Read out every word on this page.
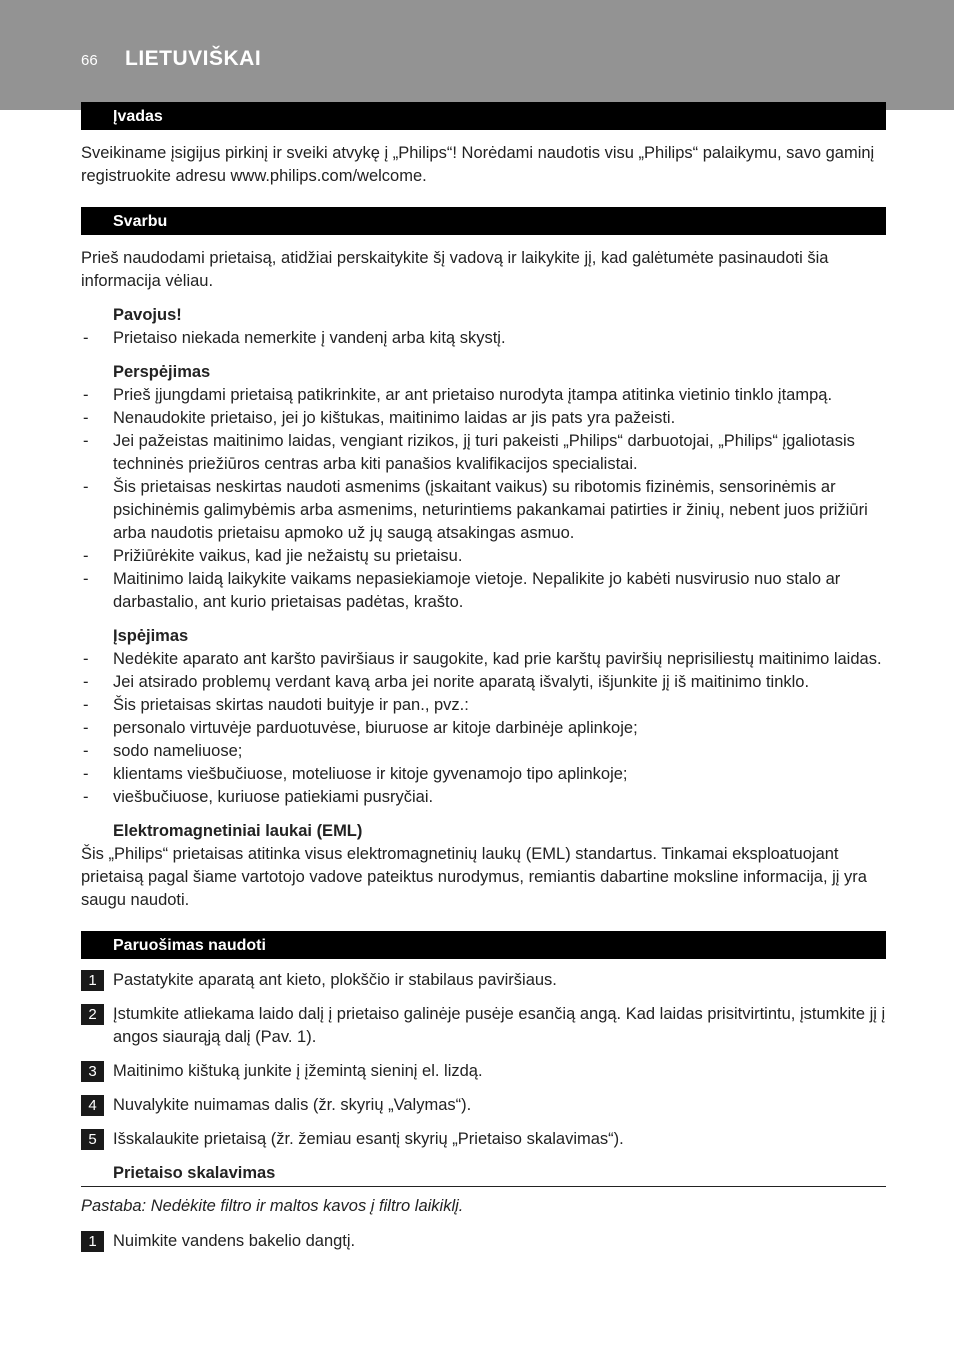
66 LIETUVIŠKAI
Įvadas

Sveikiname įsigijus pirkinį ir sveiki atvykę į „Philips“! Norėdami naudotis visu „Philips“ palaikymu, savo gaminį registruokite adresu www.philips.com/welcome.

Svarbu

Prieš naudodami prietaisą, atidžiai perskaitykite šį vadovą ir laikykite jį, kad galėtumėte pasinaudoti šia informacija vėliau.

Pavojus!

- Prietaiso niekada nemerkite į vandenį arba kitą skystį.

Perspėjimas

- Prieš įjungdami prietaisą patikrinkite, ar ant prietaiso nurodyta įtampa atitinka vietinio tinklo įtampą.
- Nenaudokite prietaiso, jei jo kištukas, maitinimo laidas ar jis pats yra pažeisti.
- Jei pažeistas maitinimo laidas, vengiant rizikos, jį turi pakeisti „Philips“ darbuotojai, „Philips“ įgaliotasis techninės priežiūros centras arba kiti panašios kvalifikacijos specialistai.
- Šis prietaisas neskirtas naudoti asmenims (įskaitant vaikus) su ribotomis fizinėmis, sensorinėmis ar psichinėmis galimybėmis arba asmenims, neturintiems pakankamai patirties ir žinių, nebent juos prižiūri arba naudotis prietaisu apmoko už jų saugą atsakingas asmuo.
- Prižiūrėkite vaikus, kad jie nežaistų su prietaisu.
- Maitinimo laidą laikykite vaikams nepasiekiamoje vietoje. Nepalikite jo kabėti nusvirusio nuo stalo ar darbastalio, ant kurio prietaisas padėtas, krašto.

Įspėjimas

- Nedėkite aparato ant karšto paviršiaus ir saugokite, kad prie karštų paviršių neprisiliestų maitinimo laidas.
- Jei atsirado problemų verdant kavą arba jei norite aparatą išvalyti, išjunkite jį iš maitinimo tinklo.
- Šis prietaisas skirtas naudoti buityje ir pan., pvz.:
- personalo virtuvėje parduotuvėse, biuruose ar kitoje darbinėje aplinkoje;
- sodo nameliuose;
- klientams viešbučiuose, moteliuose ir kitoje gyvenamojo tipo aplinkoje;
- viešbučiuose, kuriuose patiekiami pusryčiai.

Elektromagnetiniai laukai (EML)

Šis „Philips“ prietaisas atitinka visus elektromagnetinių laukų (EML) standartus. Tinkamai eksploatuojant prietaisą pagal šiame vartotojo vadove pateiktus nurodymus, remiantis dabartine moksline informacija, jį yra saugu naudoti.

Paruošimas naudoti
1 Pastatykite aparatą ant kieto, plokščio ir stabilaus paviršiaus.
2 Įstumkite atliekama laido dalį į prietaiso galinėje pusėje esančią angą. Kad laidas prisitvirtintu, įstumkite jį į angos siaurąją dalį (Pav. 1).
3 Maitinimo kištuką junkite į įžemintą sieninį el. lizdą.
4 Nuvalykite nuimamas dalis (žr. skyrių „Valymas“).
5 Išskalaukite prietaisą (žr. žemiau esantį skyrių „Prietaiso skalavimas“).

Prietaiso skalavimas

Pastaba: Nedėkite filtro ir maltos kavos į filtro laikiklį.

1 Nuimkite vandens bakelio dangtį.
